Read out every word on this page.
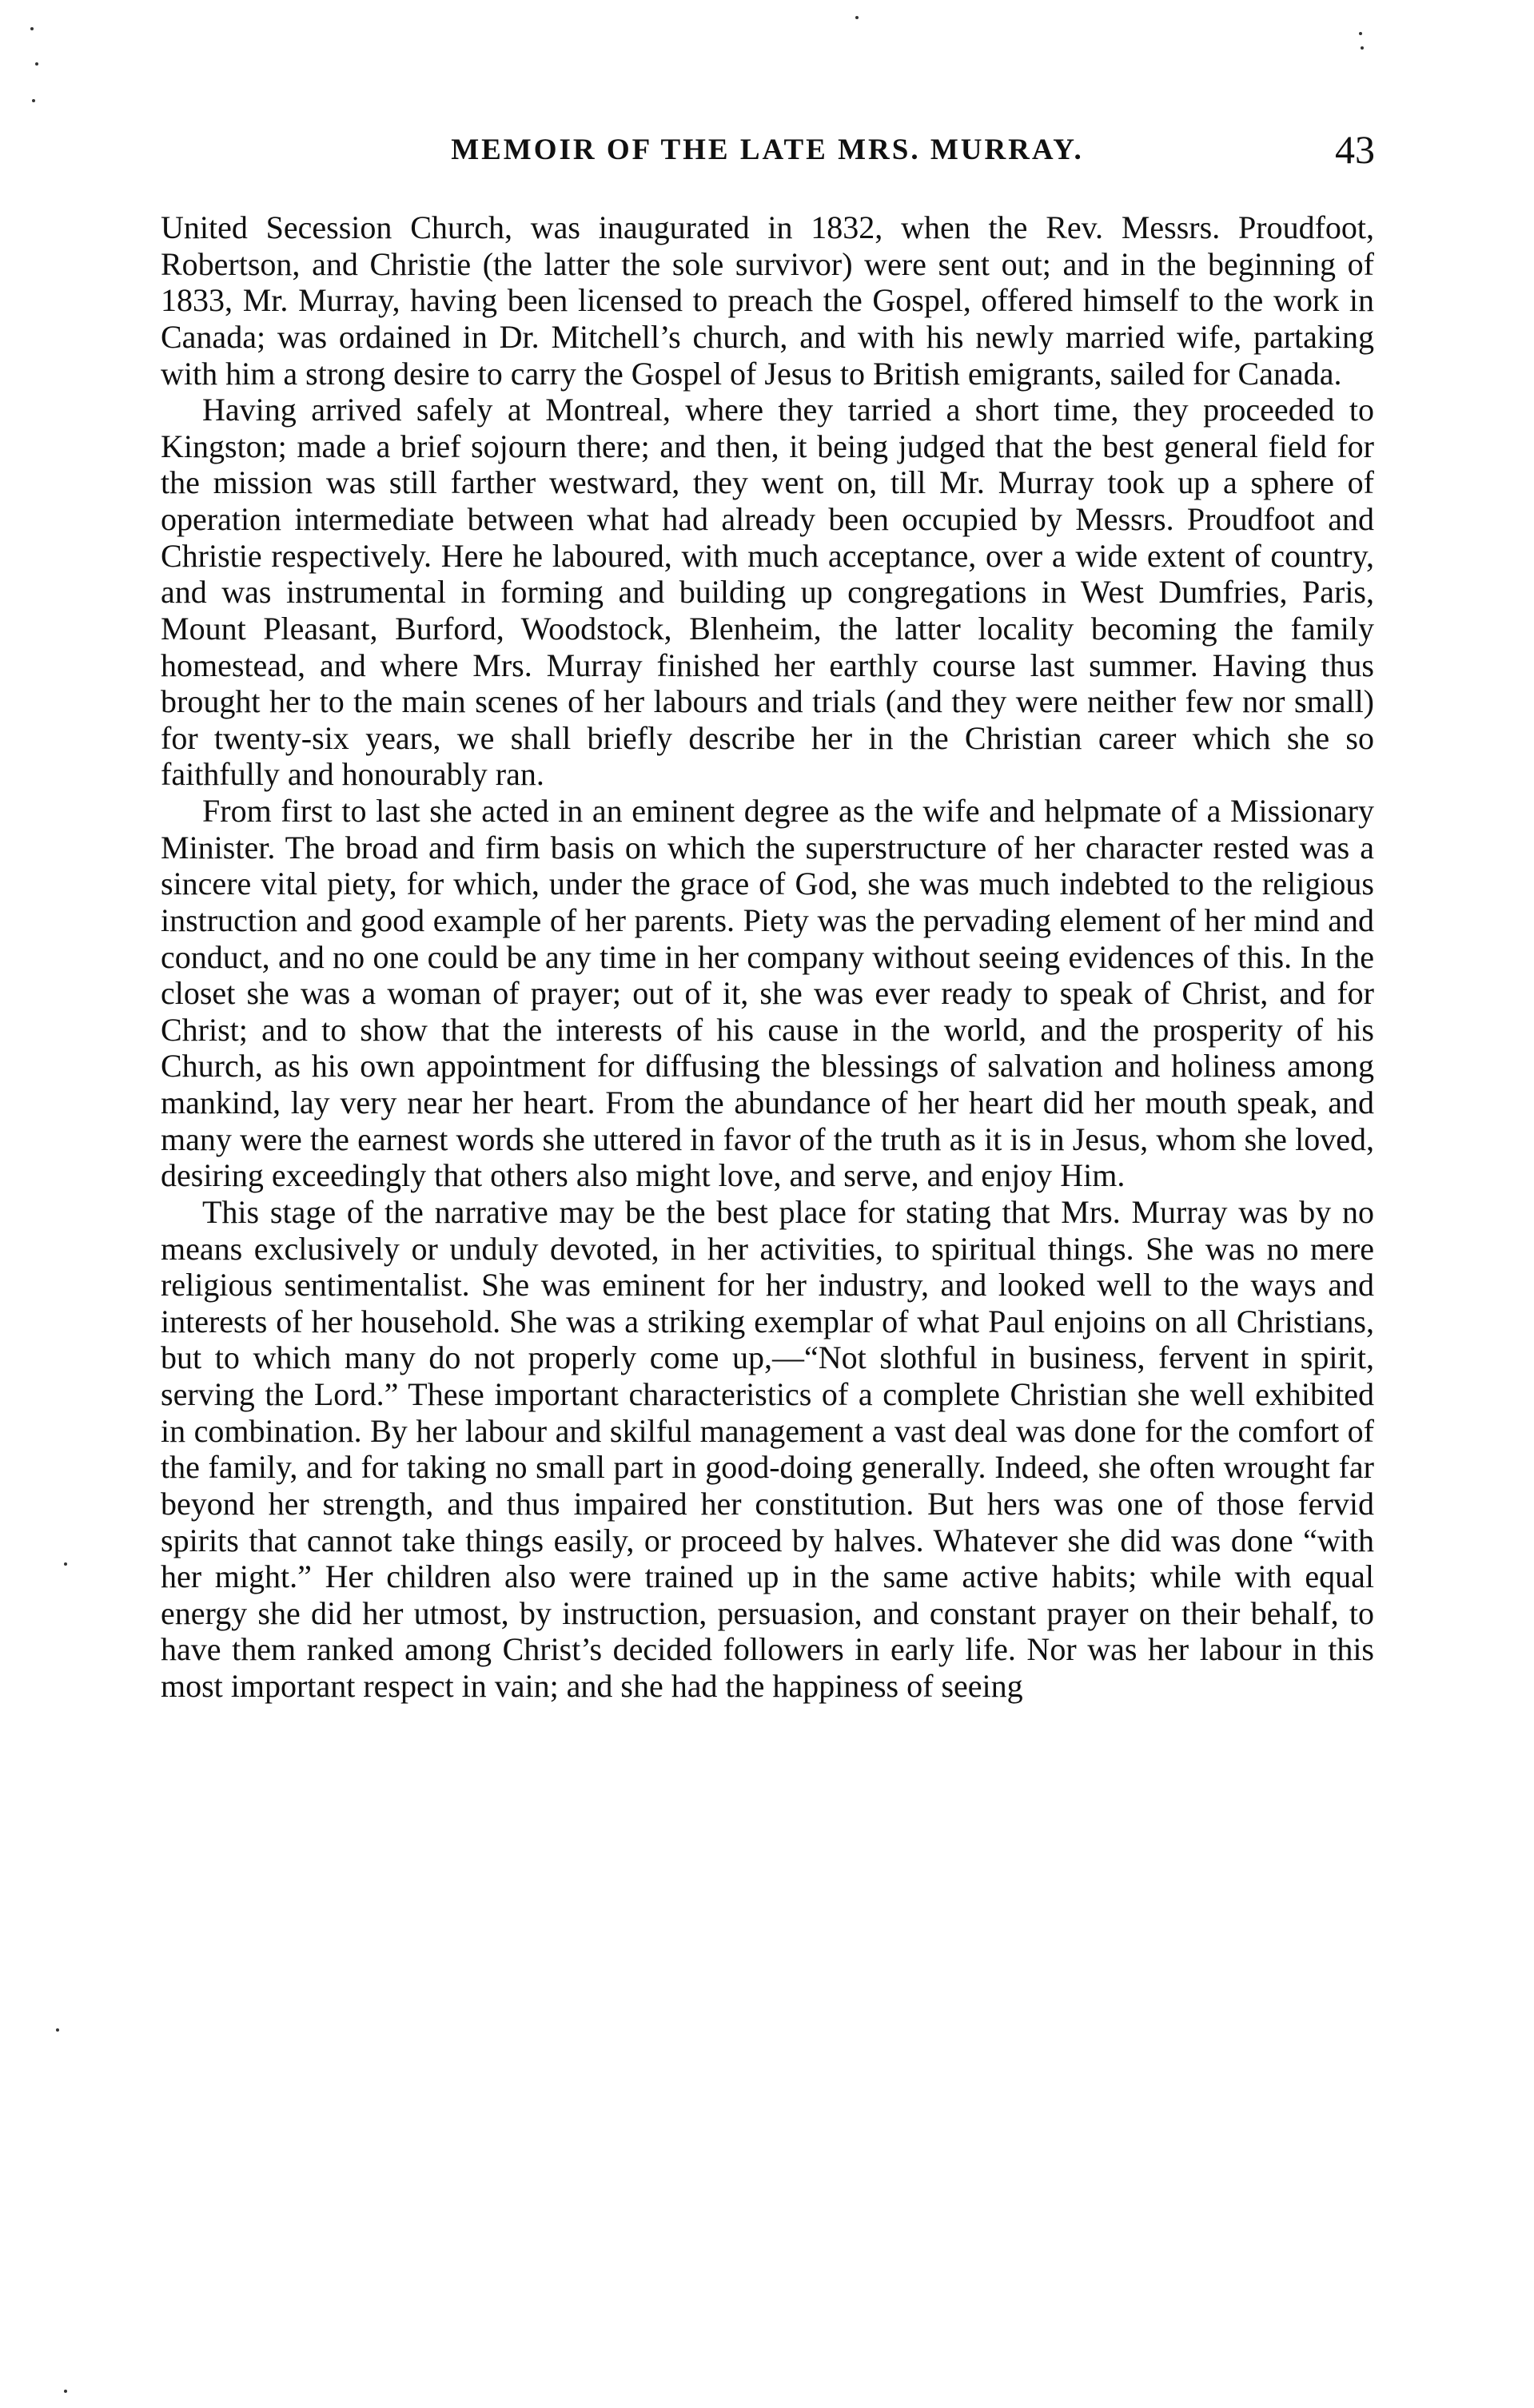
MEMOIR OF THE LATE MRS. MURRAY.	43

United Secession Church, was inaugurated in 1832, when the Rev. Messrs. Proudfoot, Robertson, and Christie (the latter the sole survivor) were sent out; and in the beginning of 1833, Mr. Murray, having been licensed to preach the Gospel, offered himself to the work in Canada; was ordained in Dr. Mitchell’s church, and with his newly married wife, partaking with him a strong desire to carry the Gospel of Jesus to British emigrants, sailed for Canada.

Having arrived safely at Montreal, where they tarried a short time, they proceeded to Kingston; made a brief sojourn there; and then, it being judged that the best general field for the mission was still farther westward, they went on, till Mr. Murray took up a sphere of operation intermediate between what had already been occupied by Messrs. Proudfoot and Christie respectively. Here he laboured, with much acceptance, over a wide extent of country, and was instrumental in forming and building up congregations in West Dumfries, Paris, Mount Pleasant, Burford, Woodstock, Blenheim, the latter locality becoming the family homestead, and where Mrs. Murray finished her earthly course last summer. Having thus brought her to the main scenes of her labours and trials (and they were neither few nor small) for twenty-six years, we shall briefly describe her in the Christian career which she so faithfully and honourably ran.

From first to last she acted in an eminent degree as the wife and helpmate of a Missionary Minister. The broad and firm basis on which the superstructure of her character rested was a sincere vital piety, for which, under the grace of God, she was much indebted to the religious instruction and good example of her parents. Piety was the pervading element of her mind and conduct, and no one could be any time in her company without seeing evidences of this. In the closet she was a woman of prayer; out of it, she was ever ready to speak of Christ, and for Christ; and to show that the interests of his cause in the world, and the prosperity of his Church, as his own appointment for diffusing the blessings of salvation and holiness among mankind, lay very near her heart. From the abundance of her heart did her mouth speak, and many were the earnest words she uttered in favor of the truth as it is in Jesus, whom she loved, desiring exceedingly that others also might love, and serve, and enjoy Him.

This stage of the narrative may be the best place for stating that Mrs. Murray was by no means exclusively or unduly devoted, in her activities, to spiritual things. She was no mere religious sentimentalist. She was eminent for her industry, and looked well to the ways and interests of her household. She was a striking exemplar of what Paul enjoins on all Christians, but to which many do not properly come up,—“Not slothful in business, fervent in spirit, serving the Lord.” These important characteristics of a complete Christian she well exhibited in combination. By her labour and skilful management a vast deal was done for the comfort of the family, and for taking no small part in good-doing generally. Indeed, she often wrought far beyond her strength, and thus impaired her constitution. But hers was one of those fervid spirits that cannot take things easily, or proceed by halves. Whatever she did was done “with her might.” Her children also were trained up in the same active habits; while with equal energy she did her utmost, by instruction, persuasion, and constant prayer on their behalf, to have them ranked among Christ’s decided followers in early life. Nor was her labour in this most important respect in vain; and she had the happiness of seeing
